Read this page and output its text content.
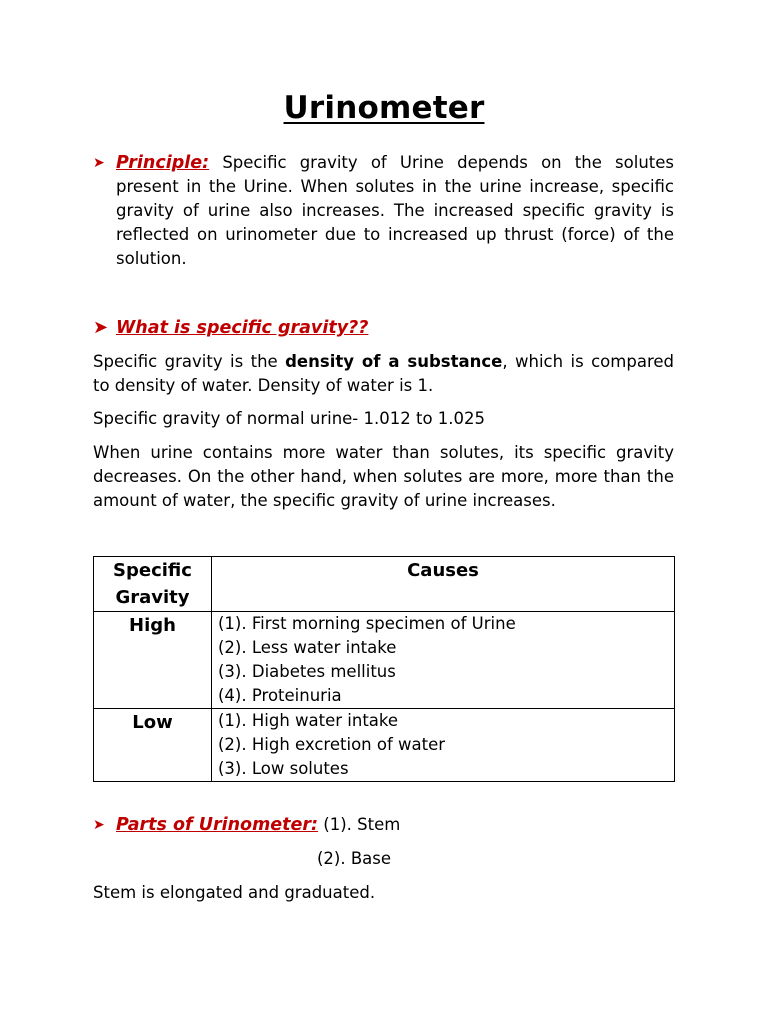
Urinometer
➤ Principle: Specific gravity of Urine depends on the solutes present in the Urine. When solutes in the urine increase, specific gravity of urine also increases. The increased specific gravity is reflected on urinometer due to increased up thrust (force) of the solution.
➤ What is specific gravity??
Specific gravity is the density of a substance, which is compared to density of water. Density of water is 1.
Specific gravity of normal urine- 1.012 to 1.025
When urine contains more water than solutes, its specific gravity decreases. On the other hand, when solutes are more, more than the amount of water, the specific gravity of urine increases.
Specific
Gravity	Causes
High	(1). First morning specimen of Urine
(2). Less water intake
(3). Diabetes mellitus
(4). Proteinuria

Low	(1). High water intake
(2). High excretion of water
(3). Low solutes
➤ Parts of Urinometer: (1). Stem
(2). Base
Stem is elongated and graduated.
